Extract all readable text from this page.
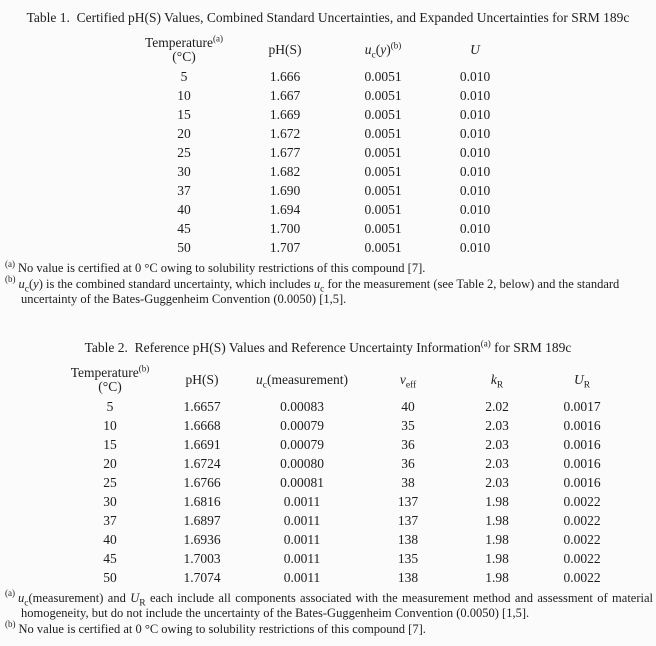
Table 1.  Certified pH(S) Values, Combined Standard Uncertainties, and Expanded Uncertainties for SRM 189c
Temperature$^{(a)}$
(°C)	pH(S)	$u_c(y)^{(b)}$	U
5	1.666	0.0051	0.010
10	1.667	0.0051	0.010
15	1.669	0.0051	0.010
20	1.672	0.0051	0.010
25	1.677	0.0051	0.010
30	1.682	0.0051	0.010
37	1.690	0.0051	0.010
40	1.694	0.0051	0.010
45	1.700	0.0051	0.010
50	1.707	0.0051	0.010

$^{(a)}$ No value is certified at 0 °C owing to solubility restrictions of this compound [7].

$^{(b)}$ $u_c(y)$ is the combined standard uncertainty, which includes $u_c$ for the measurement (see Table 2, below) and the standard uncertainty of the Bates-Guggenheim Convention (0.0050) [1,5].

Table 2.  Reference pH(S) Values and Reference Uncertainty Information$^{(a)}$ for SRM 189c
Temperature$^{(b)}$
(°C)	pH(S)	$u_c(measurement)$	$v_{eff}$	$k_R$	$U_R$
5	1.6657	0.00083	40	2.02	0.0017
10	1.6668	0.00079	35	2.03	0.0016
15	1.6691	0.00079	36	2.03	0.0016
20	1.6724	0.00080	36	2.03	0.0016
25	1.6766	0.00081	38	2.03	0.0016
30	1.6816	0.0011	137	1.98	0.0022
37	1.6897	0.0011	137	1.98	0.0022
40	1.6936	0.0011	138	1.98	0.0022
45	1.7003	0.0011	135	1.98	0.0022
50	1.7074	0.0011	138	1.98	0.0022

$^{(a)}$ $u_c(measurement)$ and $U_R$ each include all components associated with the measurement method and assessment of material homogeneity, but do not include the uncertainty of the Bates-Guggenheim Convention (0.0050) [1,5].

$^{(b)}$ No value is certified at 0 °C owing to solubility restrictions of this compound [7].
